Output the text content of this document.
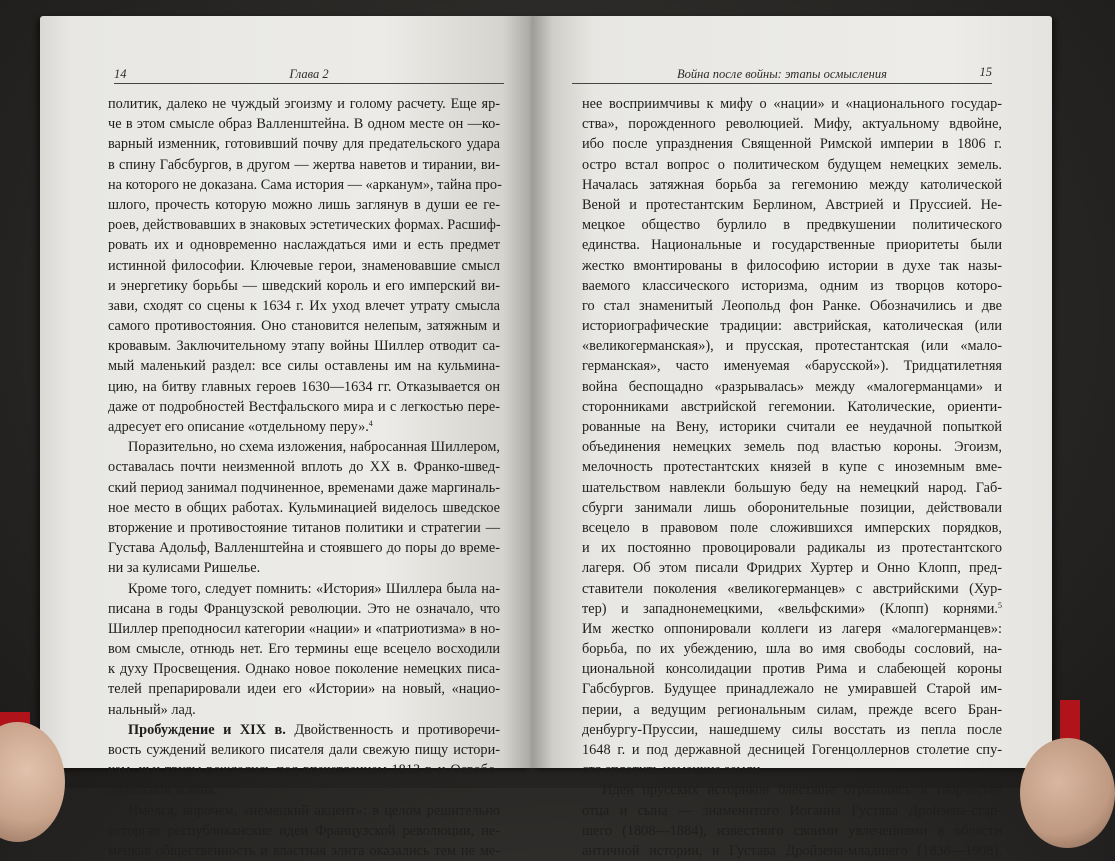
14	Глава 2
политик, далеко не чуждый эгоизму и голому расчету. Еще яр-
че в этом смысле образ Валленштейна. В одном месте он —ко-
варный изменник, готовивший почву для предательского удара
в спину Габсбургов, в другом — жертва наветов и тирании, ви-
на которого не доказана. Сама история — «арканум», тайна про-
шлого, прочесть которую можно лишь заглянув в души ее ге-
роев, действовавших в знаковых эстетических формах. Расшиф-
ровать их и одновременно наслаждаться ими и есть предмет
истинной философии. Ключевые герои, знаменовавшие смысл
и энергетику борьбы — шведский король и его имперский ви-
зави, сходят со сцены к 1634 г. Их уход влечет утрату смысла
самого противостояния. Оно становится нелепым, затяжным и
кровавым. Заключительному этапу войны Шиллер отводит са-
мый маленький раздел: все силы оставлены им на кульмина-
цию, на битву главных героев 1630—1634 гг. Отказывается он
даже от подробностей Вестфальского мира и с легкостью пере-
адресует его описание «отдельному перу».$^4$
Поразительно, но схема изложения, набросанная Шиллером,
оставалась почти неизменной вплоть до XX в. Франко-швед-
ский период занимал подчиненное, временами даже маргиналь-
ное место в общих работах. Кульминацией виделось шведское
вторжение и противостояние титанов политики и стратегии —
Густава Адольф, Валленштейна и стоявшего до поры до време-
ни за кулисами Ришелье.
Кроме того, следует помнить: «История» Шиллера была на-
писана в годы Французской революции. Это не означало, что
Шиллер преподносил категории «нации» и «патриотизма» в но-
вом смысле, отнюдь нет. Его термины еще всецело восходили
к духу Просвещения. Однако новое поколение немецких писа-
телей препарировали идеи его «Истории» на новый, «нацио-
нальный» лад.
Пробуждение и XIX в. Двойственность и противоречи-
вость суждений великого писателя дали свежую пищу истори-
кам, чьи труды рождались под впечатлением 1813 г. и Освобо-
дительной войны.
Имелся, впрочем, «немецкий акцент»: в целом решительно
отторгая республиканские идеи Французской революции, не-
мецкая общественность и властная элита оказались тем не ме-
Война после войны: этапы осмысления	15
нее восприимчивы к мифу о «нации» и «национального государ-
ства», порожденного революцией. Мифу, актуальному вдвойне,
ибо после упразднения Священной Римской империи в 1806 г.
остро встал вопрос о политическом будущем немецких земель.
Началась затяжная борьба за гегемонию между католической
Веной и протестантским Берлином, Австрией и Пруссией. Не-
мецкое общество бурлило в предвкушении политического
единства. Национальные и государственные приоритеты были
жестко вмонтированы в философию истории в духе так назы-
ваемого классического историзма, одним из творцов которо-
го стал знаменитый Леопольд фон Ранке. Обозначились и две
историографические традиции: австрийская, католическая (или
«великогерманская»), и прусская, протестантская (или «мало-
германская», часто именуемая «барусской»). Тридцатилетняя
война беспощадно «разрывалась» между «малогерманцами» и
сторонниками австрийской гегемонии. Католические, ориенти-
рованные на Вену, историки считали ее неудачной попыткой
объединения немецких земель под властью короны. Эгоизм,
мелочность протестантских князей в купе с иноземным вме-
шательством навлекли большую беду на немецкий народ. Габ-
сбурги занимали лишь оборонительные позиции, действовали
всецело в правовом поле сложившихся имперских порядков,
и их постоянно провоцировали радикалы из протестантского
лагеря. Об этом писали Фридрих Хуртер и Онно Клопп, пред-
ставители поколения «великогерманцев» с австрийскими (Хур-
тер) и западнонемецкими, «вельфскими» (Клопп) корнями.$^5$
Им жестко оппонировали коллеги из лагеря «малогерманцев»:
борьба, по их убеждению, шла во имя свободы сословий, на-
циональной консолидации против Рима и слабеющей короны
Габсбургов. Будущее принадлежало не умиравшей Старой им-
перии, а ведущим региональным силам, прежде всего Бран-
денбургу-Пруссии, нашедшему силы восстать из пепла после
1648 г. и под державной десницей Гогенцоллернов столетие спу-
стя сплотить немецкие земли.
Идеи прусских историков блестяще отразились в творчестве
отца и сына — знаменитого Иоганна Густава Дройзена-стар-
шего (1808—1884), известного своими увлечениями в области
античной истории, и Густава Дройзена-младшего (1838—1908),
